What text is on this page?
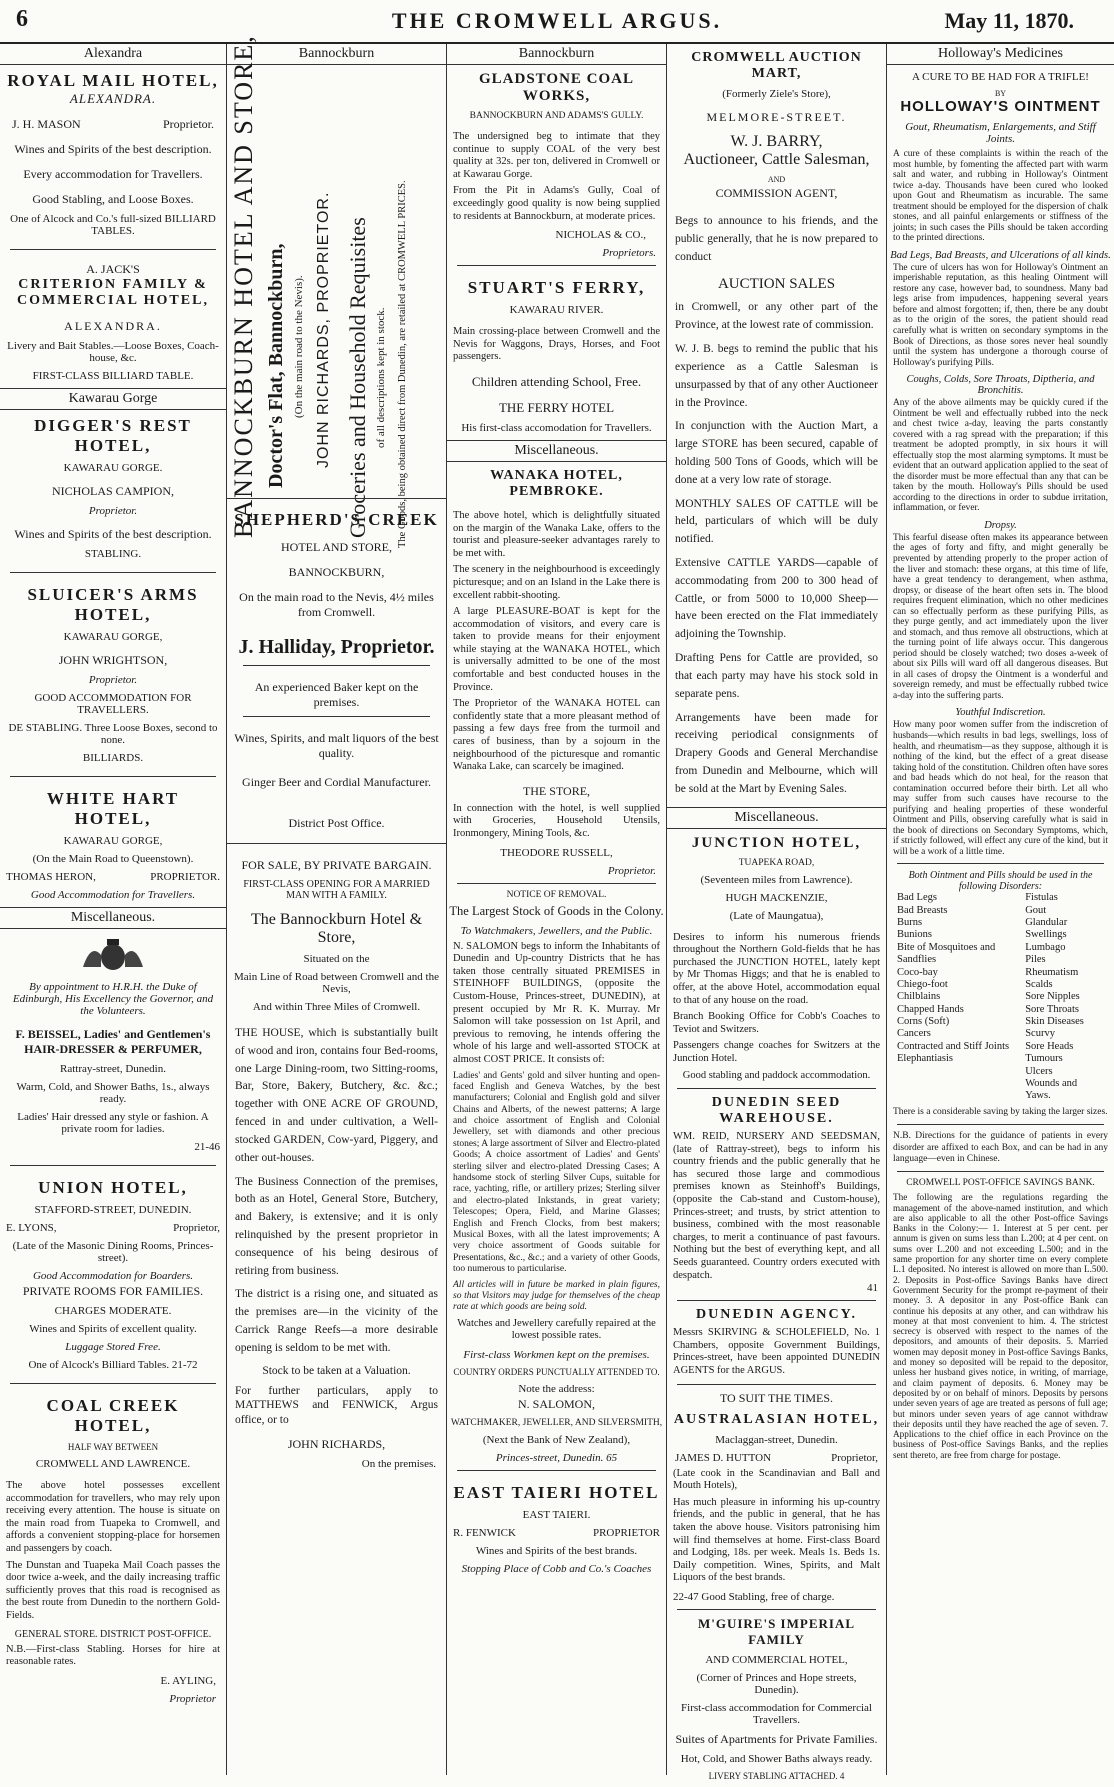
6	THE CROMWELL ARGUS.	May 11, 1870.
Alexandra
ROYAL MAIL HOTEL,
ALEXANDRA.
J. H. MASON	Proprietor.
Wines and Spirits of the best description.
Every accommodation for Travellers.
Good Stabling, and Loose Boxes.
One of Alcock and Co.'s full-sized BILLIARD TABLES.
A. JACK'S
CRITERION FAMILY & COMMERCIAL HOTEL,
ALEXANDRA.
Livery and Bait Stables.—Loose Boxes, Coach-house, &c.
FIRST-CLASS BILLIARD TABLE.
Kawarau Gorge
DIGGER'S REST HOTEL,
KAWARAU GORGE.
NICHOLAS CAMPION,
Proprietor.
Wines and Spirits of the best description.
STABLING.
SLUICER'S ARMS HOTEL,
KAWARAU GORGE,
JOHN WRIGHTSON,
Proprietor.
GOOD ACCOMMODATION FOR TRAVELLERS.
DE STABLING. Three Loose Boxes, second to none.
BILLIARDS.
WHITE HART HOTEL,
KAWARAU GORGE,
(On the Main Road to Queenstown).
THOMAS HERON,	PROPRIETOR.
Good Accommodation for Travellers.
Miscellaneous.
By appointment to H.R.H. the Duke of Edinburgh, His Excellency the Governor, and the Volunteers.
F. BEISSEL, Ladies' and Gentlemen's HAIR-DRESSER & PERFUMER,
Rattray-street, Dunedin.
Warm, Cold, and Shower Baths, 1s., always ready.
Ladies' Hair dressed any style or fashion. A private room for ladies.
21-46
UNION HOTEL,
STAFFORD-STREET, DUNEDIN.
E. LYONS,	Proprietor,
(Late of the Masonic Dining Rooms, Princes-street).
Good Accommodation for Boarders.
PRIVATE ROOMS FOR FAMILIES.
CHARGES MODERATE.
Wines and Spirits of excellent quality.
Luggage Stored Free.
One of Alcock's Billiard Tables. 21-72
COAL CREEK HOTEL,
HALF WAY BETWEEN
CROMWELL AND LAWRENCE.
The above hotel possesses excellent accommodation for travellers, who may rely upon receiving every attention. The house is situate on the main road from Tuapeka to Cromwell, and affords a convenient stopping-place for horsemen and passengers by coach.
The Dunstan and Tuapeka Mail Coach passes the door twice a-week, and the daily increasing traffic sufficiently proves that this road is recognised as the best route from Dunedin to the northern Gold-Fields.
GENERAL STORE. DISTRICT POST-OFFICE.
N.B.—First-class Stabling. Horses for hire at reasonable rates.
E. AYLING,
Proprietor
Bannockburn
BANNOCKBURN HOTEL AND STORE, Doctor's Flat, Bannockburn, (On the main road to the Nevis). JOHN RICHARDS, PROPRIETOR. Groceries and Household Requisites of all descriptions kept in stock. The Goods, being obtained direct from Dunedin, are retailed at CROMWELL PRICES.
SHEPHERD'S CREEK
HOTEL AND STORE,
BANNOCKBURN,
On the main road to the Nevis, 4½ miles from Cromwell.
J. Halliday, Proprietor.
An experienced Baker kept on the premises.
Wines, Spirits, and malt liquors of the best quality.
Ginger Beer and Cordial Manufacturer.
District Post Office.
FOR SALE, BY PRIVATE BARGAIN.
FIRST-CLASS OPENING FOR A MARRIED MAN WITH A FAMILY.
The Bannockburn Hotel & Store,
Situated on the
Main Line of Road between Cromwell and the Nevis,
And within Three Miles of Cromwell.
THE HOUSE, which is substantially built of wood and iron, contains four Bed-rooms, one Large Dining-room, two Sitting-rooms, Bar, Store, Bakery, Butchery, &c. &c.; together with ONE ACRE OF GROUND, fenced in and under cultivation, a Well-stocked GARDEN, Cow-yard, Piggery, and other out-houses.
The Business Connection of the premises, both as an Hotel, General Store, Butchery, and Bakery, is extensive; and it is only relinquished by the present proprietor in consequence of his being desirous of retiring from business.
The district is a rising one, and situated as the premises are—in the vicinity of the Carrick Range Reefs—a more desirable opening is seldom to be met with.
Stock to be taken at a Valuation.
For further particulars, apply to MATTHEWS and FENWICK, Argus office, or to
JOHN RICHARDS,
On the premises.
Bannockburn
GLADSTONE COAL WORKS,
BANNOCKBURN AND ADAMS'S GULLY.
The undersigned beg to intimate that they continue to supply COAL of the very best quality at 32s. per ton, delivered in Cromwell or at Kawarau Gorge.
From the Pit in Adams's Gully, Coal of exceedingly good quality is now being supplied to residents at Bannockburn, at moderate prices.
NICHOLAS & CO.,
Proprietors.
STUART'S FERRY,
KAWARAU RIVER.
Main crossing-place between Cromwell and the Nevis for Waggons, Drays, Horses, and Foot passengers.
Children attending School, Free.
THE FERRY HOTEL
His first-class accomodation for Travellers.
Miscellaneous.
WANAKA HOTEL, PEMBROKE.
The above hotel, which is delightfully situated on the margin of the Wanaka Lake, offers to the tourist and pleasure-seeker advantages rarely to be met with.
The scenery in the neighbourhood is exceedingly picturesque; and on an Island in the Lake there is excellent rabbit-shooting.
A large PLEASURE-BOAT is kept for the accommodation of visitors, and every care is taken to provide means for their enjoyment while staying at the WANAKA HOTEL, which is universally admitted to be one of the most comfortable and best conducted houses in the Province.
The Proprietor of the WANAKA HOTEL can confidently state that a more pleasant method of passing a few days free from the turmoil and cares of business, than by a sojourn in the neighbourhood of the picturesque and romantic Wanaka Lake, can scarcely be imagined.
THE STORE,
In connection with the hotel, is well supplied with Groceries, Household Utensils, Ironmongery, Mining Tools, &c.
THEODORE RUSSELL,
Proprietor.
NOTICE OF REMOVAL.
The Largest Stock of Goods in the Colony.
To Watchmakers, Jewellers, and the Public.
N. SALOMON begs to inform the Inhabitants of Dunedin and Up-country Districts that he has taken those centrally situated PREMISES in STEINHOFF BUILDINGS, (opposite the Custom-House, Princes-street, DUNEDIN), at present occupied by Mr R. K. Murray. Mr Salomon will take possession on 1st April, and previous to removing, he intends offering the whole of his large and well-assorted STOCK at almost COST PRICE. It consists of:
Ladies' and Gents' gold and silver hunting and open-faced English and Geneva Watches, by the best manufacturers; Colonial and English gold and silver Chains and Alberts, of the newest patterns; A large and choice assortment of English and Colonial Jewellery, set with diamonds and other precious stones; A large assortment of Silver and Electro-plated Goods; A choice assortment of Ladies' and Gents' sterling silver and electro-plated Dressing Cases; A handsome stock of sterling Silver Cups, suitable for race, yachting, rifle, or artillery prizes; Sterling silver and electro-plated Inkstands, in great variety; Telescopes; Opera, Field, and Marine Glasses; English and French Clocks, from best makers; Musical Boxes, with all the latest improvements; A very choice assortment of Goods suitable for Presentations, &c., &c.; and a variety of other Goods, too numerous to particularise.
All articles will in future be marked in plain figures, so that Visitors may judge for themselves of the cheap rate at which goods are being sold.
Watches and Jewellery carefully repaired at the lowest possible rates.
First-class Workmen kept on the premises.
COUNTRY ORDERS PUNCTUALLY ATTENDED TO.
Note the address:
N. SALOMON,
WATCHMAKER, JEWELLER, AND SILVERSMITH,
(Next the Bank of New Zealand),
Princes-street, Dunedin. 65
EAST TAIERI HOTEL
EAST TAIERI.
R. FENWICK	PROPRIETOR
Wines and Spirits of the best brands.
Stopping Place of Cobb and Co.'s Coaches
CROMWELL AUCTION MART,
(Formerly Ziele's Store),
MELMORE-STREET.
W. J. BARRY,
Auctioneer, Cattle Salesman,
AND
COMMISSION AGENT,
Begs to announce to his friends, and the public generally, that he is now prepared to conduct
AUCTION SALES
in Cromwell, or any other part of the Province, at the lowest rate of commission.
W. J. B. begs to remind the public that his experience as a Cattle Salesman is unsurpassed by that of any other Auctioneer in the Province.
In conjunction with the Auction Mart, a large STORE has been secured, capable of holding 500 Tons of Goods, which will be done at a very low rate of storage.
MONTHLY SALES OF CATTLE will be held, particulars of which will be duly notified.
Extensive CATTLE YARDS—capable of accommodating from 200 to 300 head of Cattle, or from 5000 to 10,000 Sheep—have been erected on the Flat immediately adjoining the Township.
Drafting Pens for Cattle are provided, so that each party may have his stock sold in separate pens.
Arrangements have been made for receiving periodical consignments of Drapery Goods and General Merchandise from Dunedin and Melbourne, which will be sold at the Mart by Evening Sales.
Miscellaneous.
JUNCTION HOTEL,
TUAPEKA ROAD,
(Seventeen miles from Lawrence).
HUGH MACKENZIE,
(Late of Maungatua),
Desires to inform his numerous friends throughout the Northern Gold-fields that he has purchased the JUNCTION HOTEL, lately kept by Mr Thomas Higgs; and that he is enabled to offer, at the above Hotel, accommodation equal to that of any house on the road.
Branch Booking Office for Cobb's Coaches to Teviot and Switzers.
Passengers change coaches for Switzers at the Junction Hotel.
Good stabling and paddock accommodation.
DUNEDIN SEED WAREHOUSE.
WM. REID, NURSERY AND SEEDSMAN, (late of Rattray-street), begs to inform his country friends and the public generally that he has secured those large and commodious premises known as Steinhoff's Buildings, (opposite the Cab-stand and Custom-house), Princes-street; and trusts, by strict attention to business, combined with the most reasonable charges, to merit a continuance of past favours. Nothing but the best of everything kept, and all Seeds guaranteed. Country orders executed with despatch.
41
DUNEDIN AGENCY.
Messrs SKIRVING & SCHOLEFIELD, No. 1 Chambers, opposite Government Buildings, Princes-street, have been appointed DUNEDIN AGENTS for the ARGUS.
TO SUIT THE TIMES.
AUSTRALASIAN HOTEL,
Maclaggan-street, Dunedin.
JAMES D. HUTTON	Proprietor,
(Late cook in the Scandinavian and Ball and Mouth Hotels),
Has much pleasure in informing his up-country friends, and the public in general, that he has taken the above house. Visitors patronising him will find themselves at home. First-class Board and Lodging, 18s. per week. Meals 1s. Beds 1s. Daily competition. Wines, Spirits, and Malt Liquors of the best brands.
22-47 Good Stabling, free of charge.
M'GUIRE'S IMPERIAL FAMILY
AND COMMERCIAL HOTEL,
(Corner of Princes and Hope streets, Dunedin).
First-class accommodation for Commercial Travellers.
Suites of Apartments for Private Families.
Hot, Cold, and Shower Baths always ready.
LIVERY STABLING ATTACHED. 4
Holloway's Medicines
A CURE TO BE HAD FOR A TRIFLE!
BY
HOLLOWAY'S OINTMENT
Gout, Rheumatism, Enlargements, and Stiff Joints.
A cure of these complaints is within the reach of the most humble, by fomenting the affected part with warm salt and water, and rubbing in Holloway's Ointment twice a-day. Thousands have been cured who looked upon Gout and Rheumatism as incurable. The same treatment should be employed for the dispersion of chalk stones, and all painful enlargements or stiffness of the joints; in such cases the Pills should be taken according to the printed directions.
Bad Legs, Bad Breasts, and Ulcerations of all kinds.
The cure of ulcers has won for Holloway's Ointment an imperishable reputation, as this healing Ointment will restore any case, however bad, to soundness. Many bad legs arise from impudences, happening several years before and almost forgotten; if, then, there be any doubt as to the origin of the sores, the patient should read carefully what is written on secondary symptoms in the Book of Directions, as those sores never heal soundly until the system has undergone a thorough course of Holloway's purifying Pills.
Coughs, Colds, Sore Throats, Diptheria, and Bronchitis.
Any of the above ailments may be quickly cured if the Ointment be well and effectually rubbed into the neck and chest twice a-day, leaving the parts constantly covered with a rag spread with the preparation; if this treatment be adopted promptly, in six hours it will effectually stop the most alarming symptoms. It must be evident that an outward application applied to the seat of the disorder must be more effectual than any that can be taken by the mouth. Holloway's Pills should be used according to the directions in order to subdue irritation, inflammation, or fever.
Dropsy.
This fearful disease often makes its appearance between the ages of forty and fifty, and might generally be prevented by attending properly to the proper action of the liver and stomach: these organs, at this time of life, have a great tendency to derangement, when asthma, dropsy, or disease of the heart often sets in. The blood requires frequent elimination, which no other medicines can so effectually perform as these purifying Pills, as they purge gently, and act immediately upon the liver and stomach, and thus remove all obstructions, which at the turning point of life always occur. This dangerous period should be closely watched; two doses a-week of about six Pills will ward off all dangerous diseases. But in all cases of dropsy the Ointment is a wonderful and sovereign remedy, and must be effectually rubbed twice a-day into the suffering parts.
Youthful Indiscretion.
How many poor women suffer from the indiscretion of husbands—which results in bad legs, swellings, loss of health, and rheumatism—as they suppose, although it is nothing of the kind, but the effect of a great disease taking hold of the constitution. Children often have sores and bad heads which do not heal, for the reason that contamination occurred before their birth. Let all who may suffer from such causes have recourse to the purifying and healing properties of these wonderful Ointment and Pills, observing carefully what is said in the book of directions on Secondary Symptoms, which, if strictly followed, will effect any cure of the kind, but it will be a work of a little time.
Both Ointment and Pills should be used in the following Disorders:
Bad Legs
Bad Breasts
Burns
Bunions
Bite of Mosquitoes and Sandflies
Coco-bay
Chiego-foot
Chilblains
Chapped Hands
Corns (Soft)
Cancers
Contracted and Stiff Joints
Elephantiasis
Fistulas
Gout
Glandular Swellings
Lumbago
Piles
Rheumatism
Scalds
Sore Nipples
Sore Throats
Skin Diseases
Scurvy
Sore Heads
Tumours
Ulcers
Wounds and Yaws.
There is a considerable saving by taking the larger sizes.
N.B. Directions for the guidance of patients in every disorder are affixed to each Box, and can be had in any language—even in Chinese.
CROMWELL POST-OFFICE SAVINGS BANK.
The following are the regulations regarding the management of the above-named institution, and which are also applicable to all the other Post-office Savings Banks in the Colony:— 1. Interest at 5 per cent. per annum is given on sums less than L.200; at 4 per cent. on sums over L.200 and not exceeding L.500; and in the same proportion for any shorter time on every complete L.1 deposited. No interest is allowed on more than L.500. 2. Deposits in Post-office Savings Banks have direct Government Security for the prompt re-payment of their money. 3. A depositor in any Post-office Bank can continue his deposits at any other, and can withdraw his money at that most convenient to him. 4. The strictest secrecy is observed with respect to the names of the depositors, and amounts of their deposits. 5. Married women may deposit money in Post-office Savings Banks, and money so deposited will be repaid to the depositor, unless her husband gives notice, in writing, of marriage, and claim payment of deposits. 6. Money may be deposited by or on behalf of minors. Deposits by persons under seven years of age are treated as persons of full age; but minors under seven years of age cannot withdraw their deposits until they have reached the age of seven. 7. Applications to the chief office in each Province on the business of Post-office Savings Banks, and the replies sent thereto, are free from charge for postage.
